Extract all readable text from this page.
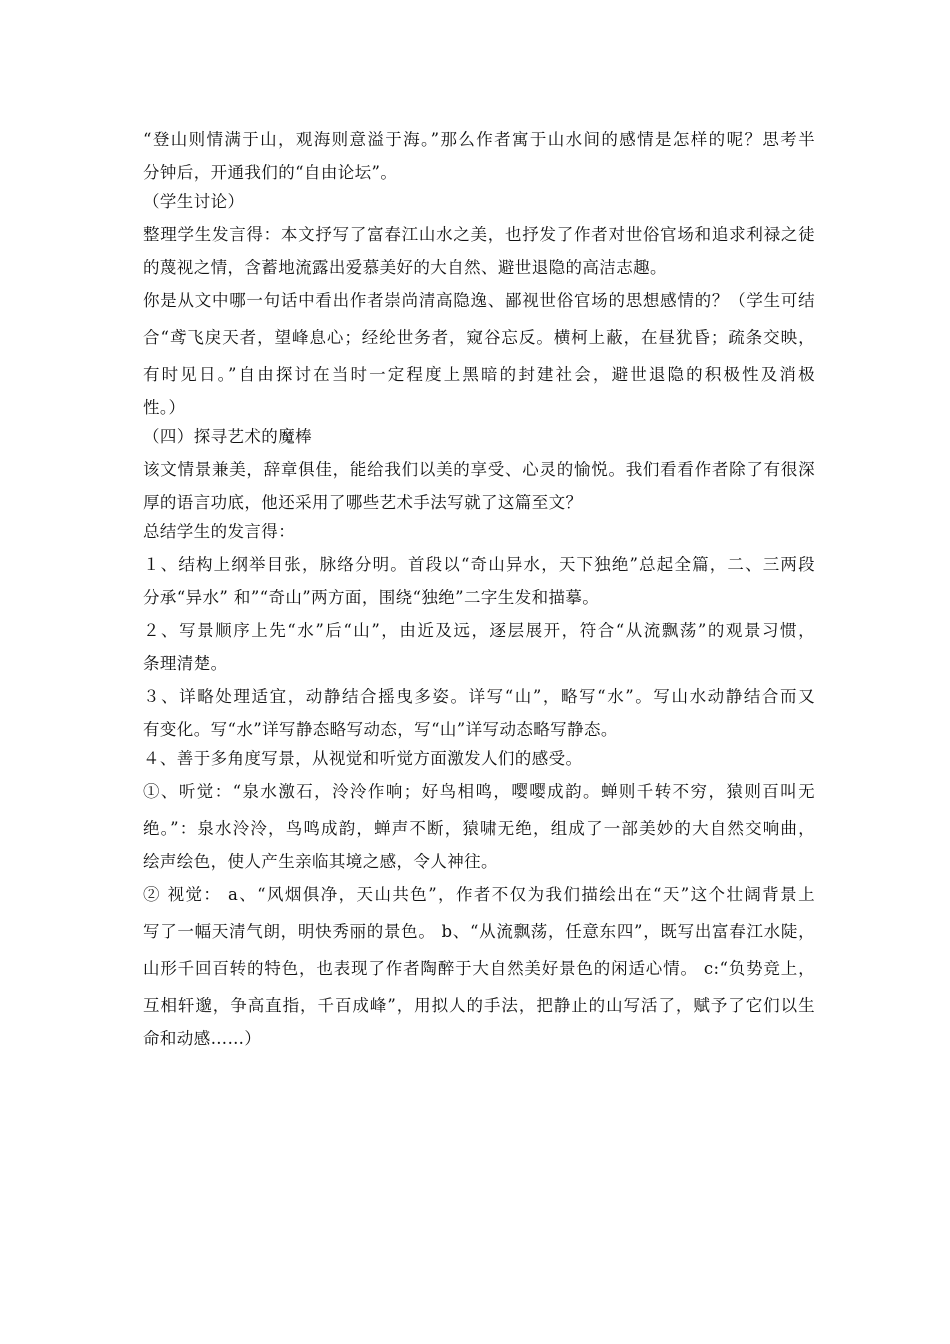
“登山则情满于山，观海则意溢于海。”那么作者寓于山水间的感情是怎样的呢？思考半
分钟后，开通我们的“自由论坛”。
（学生讨论）
整理学生发言得：本文抒写了富春江山水之美，也抒发了作者对世俗官场和追求利禄之徒
的蔑视之情，含蓄地流露出爱慕美好的大自然、避世退隐的高洁志趣。
你是从文中哪一句话中看出作者崇尚清高隐逸、鄙视世俗官场的思想感情的？（学生可结
合“鸢飞戾天者，望峰息心；经纶世务者，窥谷忘反。横柯上蔽，在昼犹昏；疏条交映，
有时见日。”自由探讨在当时一定程度上黑暗的封建社会，避世退隐的积极性及消极
性。）
（四）探寻艺术的魔棒
该文情景兼美，辞章俱佳，能给我们以美的享受、心灵的愉悦。我们看看作者除了有很深
厚的语言功底，他还采用了哪些艺术手法写就了这篇至文？
总结学生的发言得：
１、结构上纲举目张，脉络分明。首段以“奇山异水，天下独绝”总起全篇，二、三两段
分承“异水” 和”“奇山”两方面，围绕“独绝”二字生发和描摹。
２、写景顺序上先“水”后“山”，由近及远，逐层展开，符合“从流飘荡”的观景习惯，
条理清楚。
３、详略处理适宜，动静结合摇曳多姿。详写“山”，略写“水”。写山水动静结合而又
有变化。写“水”详写静态略写动态，写“山”详写动态略写静态。
４、善于多角度写景，从视觉和听觉方面激发人们的感受。
①、听觉：“泉水激石，泠泠作响；好鸟相鸣，嘤嘤成韵。蝉则千转不穷，猿则百叫无
绝。”：泉水泠泠，鸟鸣成韵，蝉声不断，猿啸无绝，组成了一部美妙的大自然交响曲，
绘声绘色，使人产生亲临其境之感，令人神往。
② 视觉： a、“风烟俱净，天山共色”，作者不仅为我们描绘出在“天”这个壮阔背景上
写了一幅天清气朗，明快秀丽的景色。 b、“从流飘荡，任意东四”，既写出富春江水陡，
山形千回百转的特色，也表现了作者陶醉于大自然美好景色的闲适心情。 c:“负势竞上，
互相轩邈，争高直指，千百成峰”，用拟人的手法，把静止的山写活了，赋予了它们以生
命和动感……）
